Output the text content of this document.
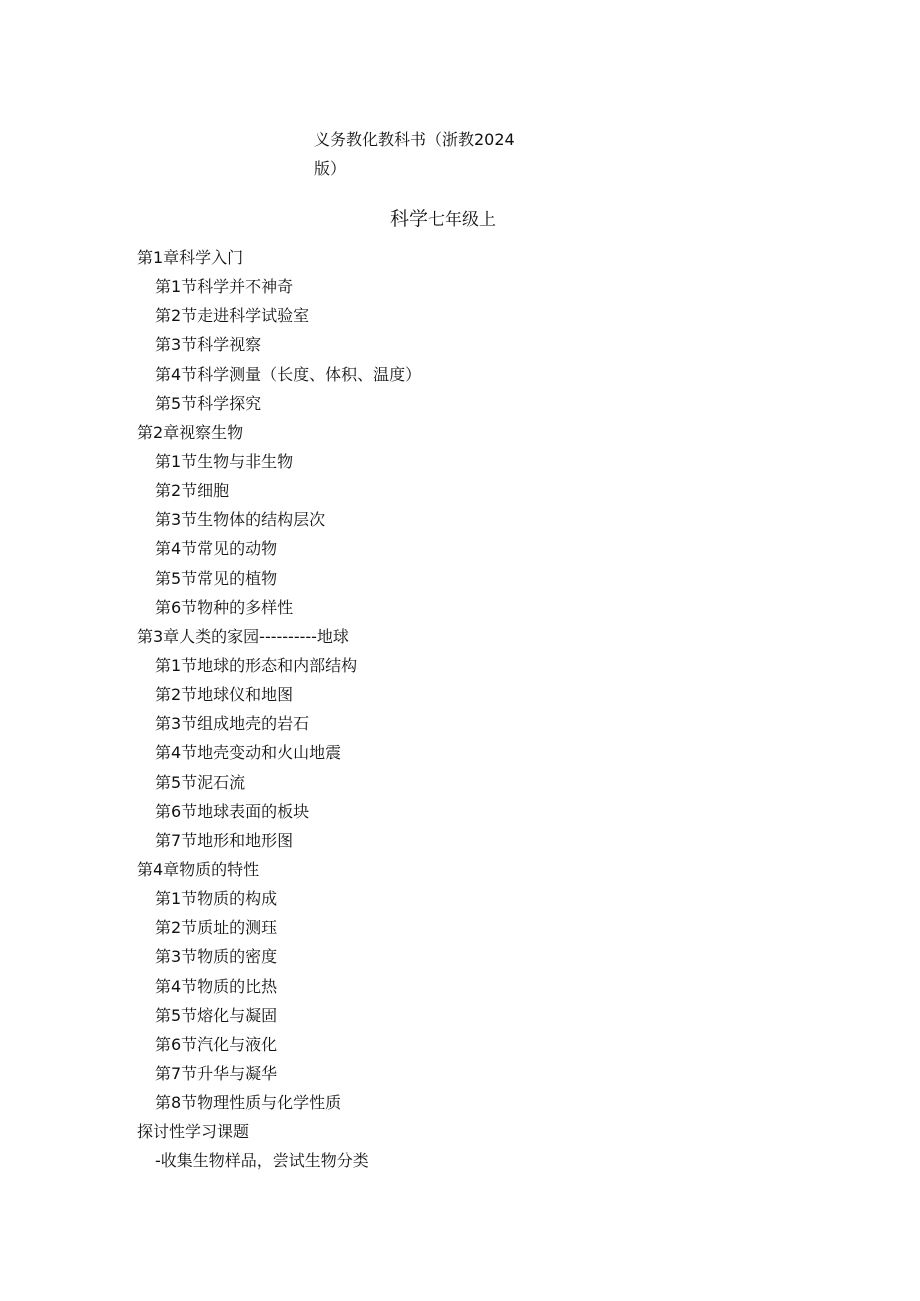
义务教化教科书（浙教2024
版）
科学七年级上
第1章科学入门
第1节科学并不神奇
第2节走进科学试验室
第3节科学视察
第4节科学测量（长度、体积、温度）
第5节科学探究
第2章视察生物
第1节生物与非生物
第2节细胞
第3节生物体的结构层次
第4节常见的动物
第5节常见的植物
第6节物种的多样性
第3章人类的家园----------地球
第1节地球的形态和内部结构
第2节地球仪和地图
第3节组成地壳的岩石
第4节地壳变动和火山地震
第5节泥石流
第6节地球表面的板块
第7节地形和地形图
第4章物质的特性
第1节物质的构成
第2节质址的测珏
第3节物质的密度
第4节物质的比热
第5节熔化与凝固
第6节汽化与液化
第7节升华与凝华
第8节物理性质与化学性质
探讨性学习课题
-收集生物样品，尝试生物分类
